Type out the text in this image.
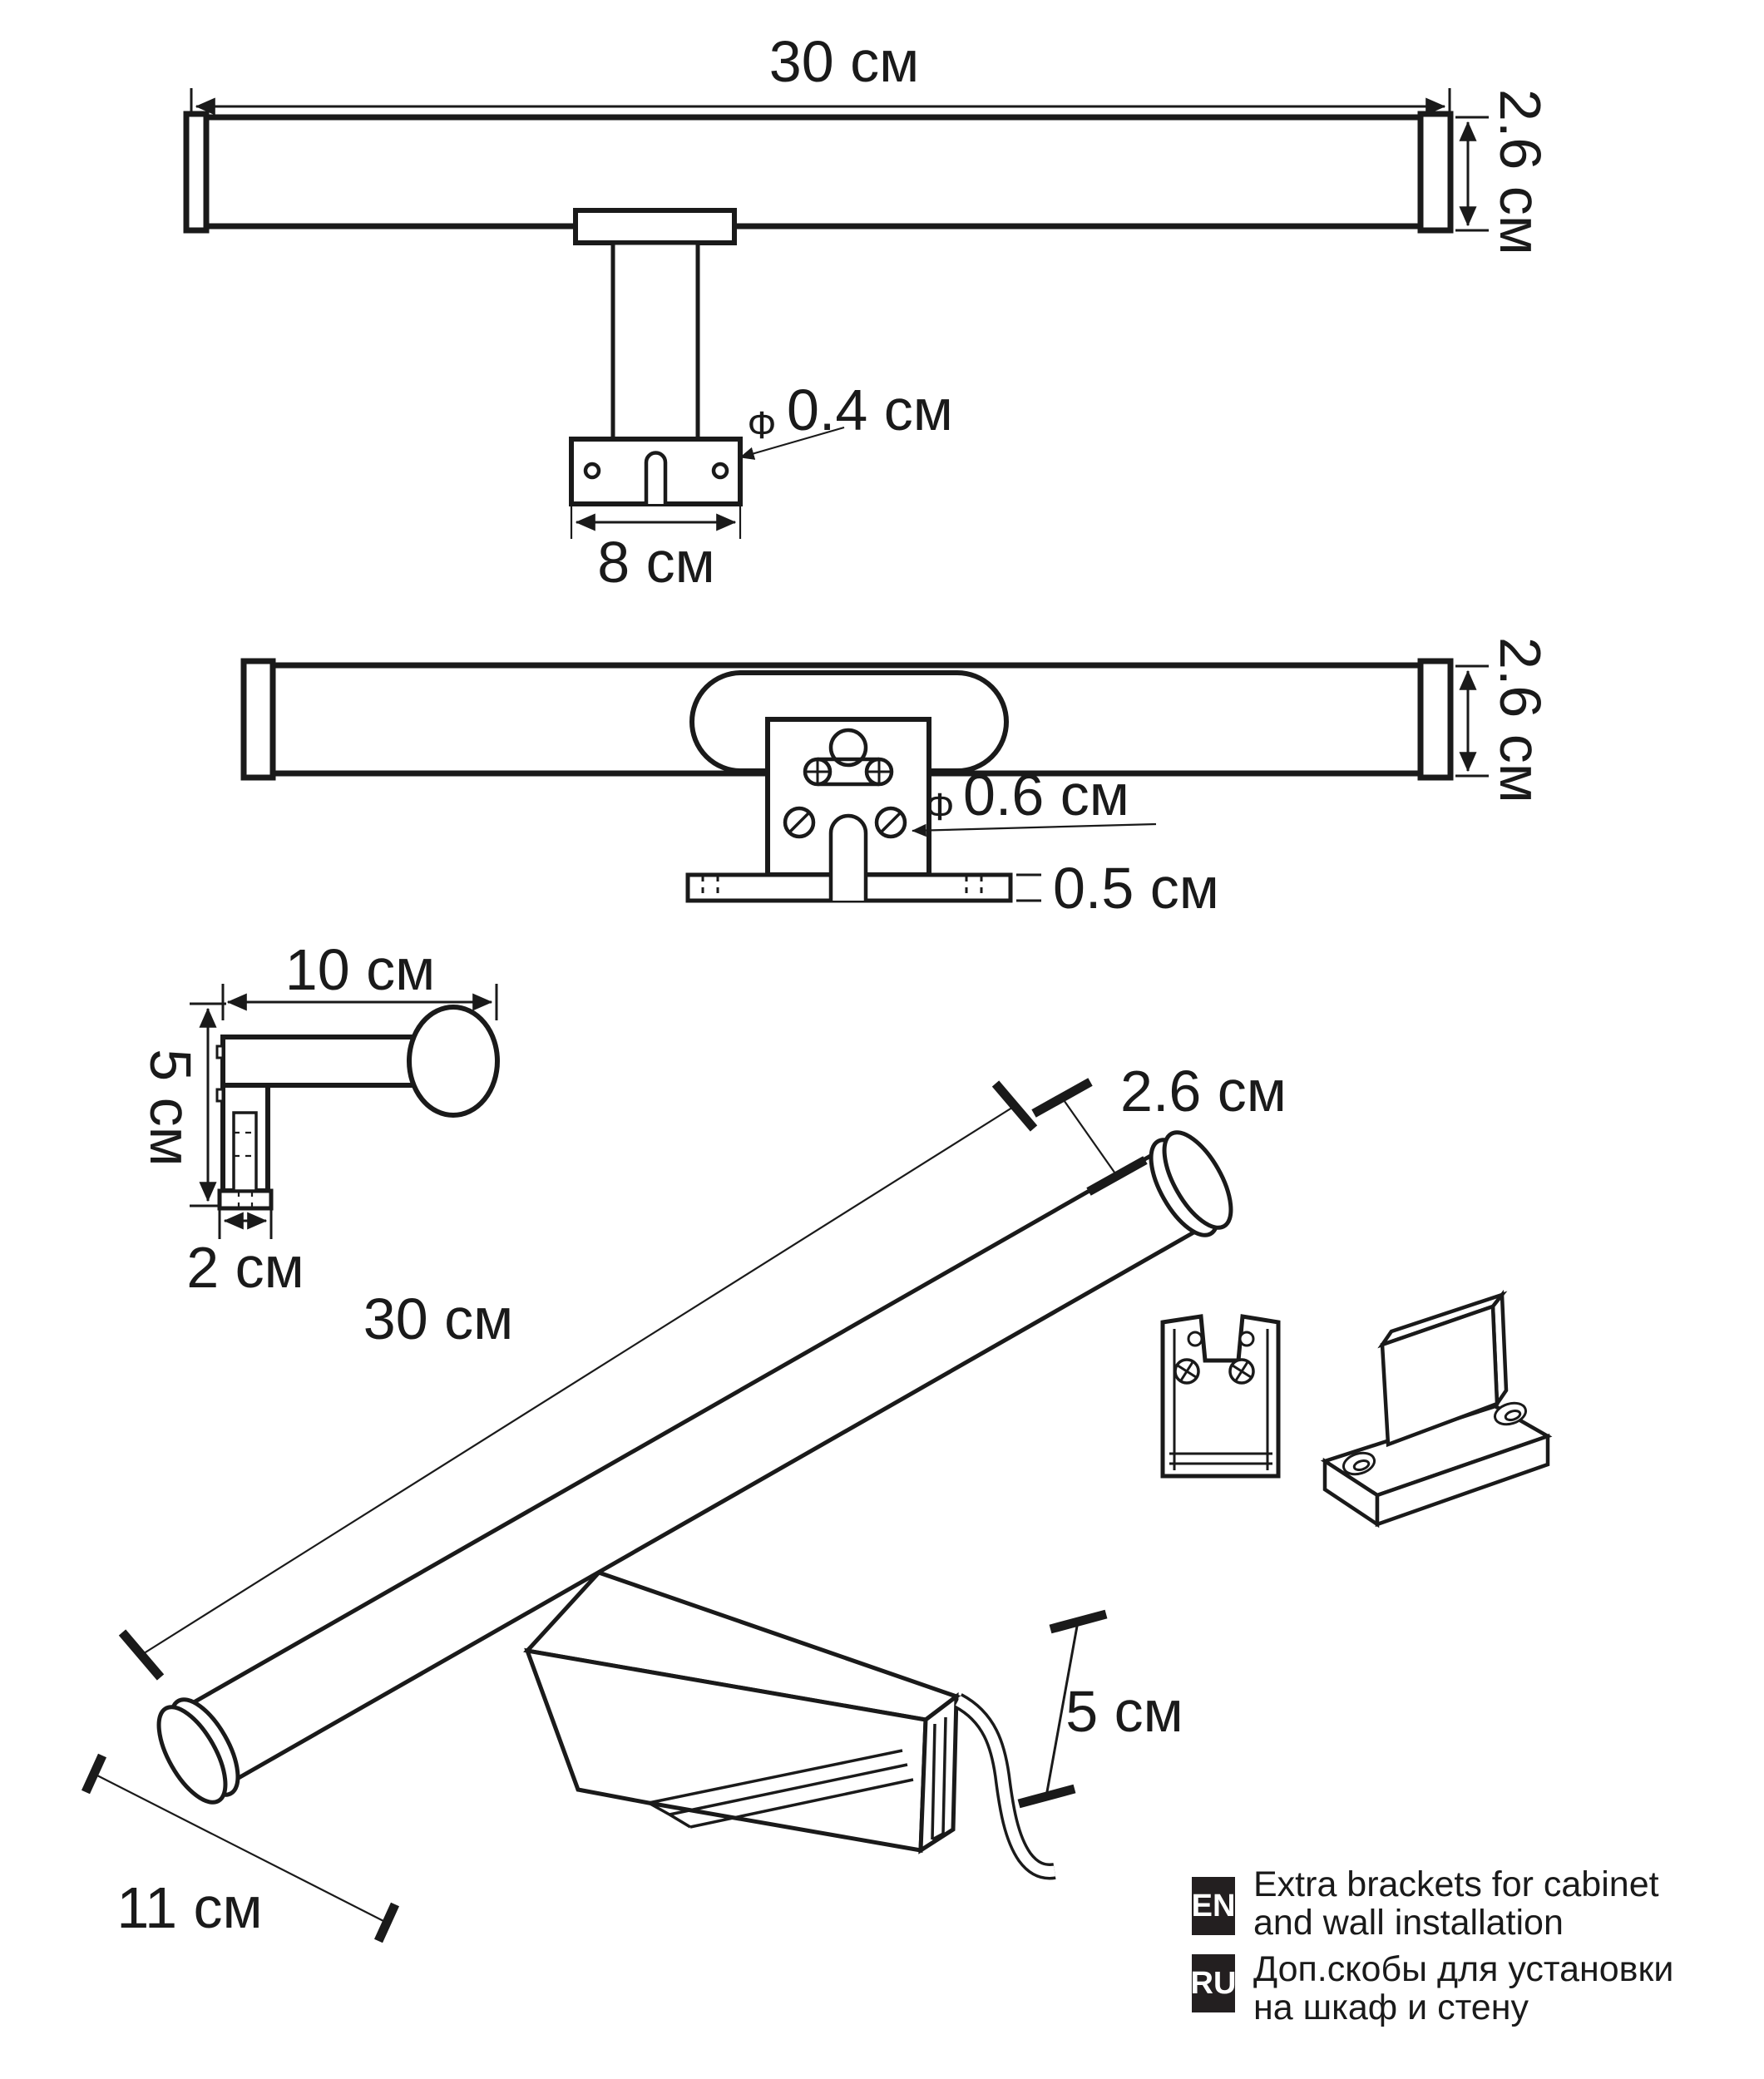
30 см
2.6 см
8 см
Ф 0.4 см
2.6 см
Ф 0.6 см
0.5 см
10 см
5 см
2 см
30 см
2.6 см
5 см
11 см	EN
Extra brackets for cabinet
and wall installation
RU Доп.скобы для установки
на шкаф и стену
